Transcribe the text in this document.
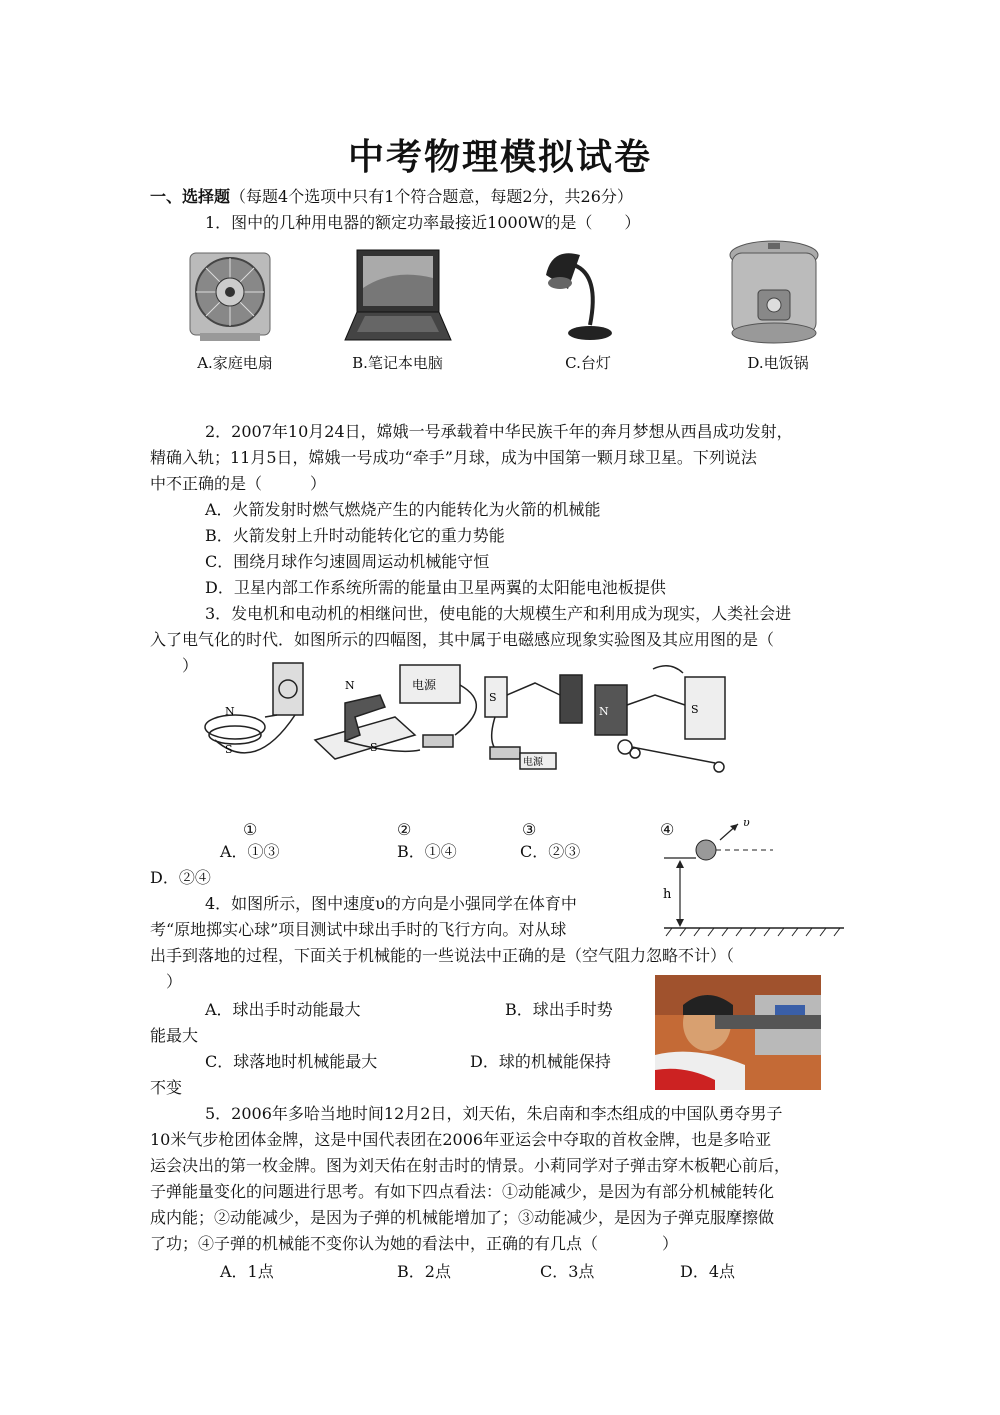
中考物理模拟试卷
一、选择题（每题4个选项中只有1个符合题意，每题2分，共26分）
1．图中的几种用电器的额定功率最接近1000W的是（　　）
A.家庭电扇	B.笔记本电脑	C.台灯	D.电饭锅
2．2007年10月24日，嫦娥一号承载着中华民族千年的奔月梦想从西昌成功发射，
精确入轨；11月5日，嫦娥一号成功“牵手”月球，成为中国第一颗月球卫星。下列说法
中不正确的是（　　　）
A．火箭发射时燃气燃烧产生的内能转化为火箭的机械能
B．火箭发射上升时动能转化它的重力势能
C．围绕月球作匀速圆周运动机械能守恒
D．卫星内部工作系统所需的能量由卫星两翼的太阳能电池板提供
3．发电机和电动机的相继问世，使电能的大规模生产和利用成为现实，人类社会进
入了电气化的时代．如图所示的四幅图，其中属于电磁感应现象实验图及其应用图的是（
　　）
N
S
N
S
电源
S
电源
N	S
①	②	③	④
A．①③	B．①④	C．②③
D．②④
υ
h
4．如图所示，图中速度υ的方向是小强同学在体育中
考“原地掷实心球”项目测试中球出手时的飞行方向。对从球
出手到落地的过程，下面关于机械能的一些说法中正确的是（空气阻力忽略不计）（
　）
A．球出手时动能最大	B．球出手时势
能最大
C．球落地时机械能最大	D．球的机械能保持
不变
5．2006年多哈当地时间12月2日，刘天佑，朱启南和李杰组成的中国队勇夺男子
10米气步枪团体金牌，这是中国代表团在2006年亚运会中夺取的首枚金牌，也是多哈亚
运会决出的第一枚金牌。图为刘天佑在射击时的情景。小莉同学对子弹击穿木板靶心前后，
子弹能量变化的问题进行思考。有如下四点看法：①动能减少，是因为有部分机械能转化
成内能；②动能减少，是因为子弹的机械能增加了；③动能减少，是因为子弹克服摩擦做
了功；④子弹的机械能不变你认为她的看法中，正确的有几点（　　　　）
A．1点	B．2点	C．3点	D．4点
